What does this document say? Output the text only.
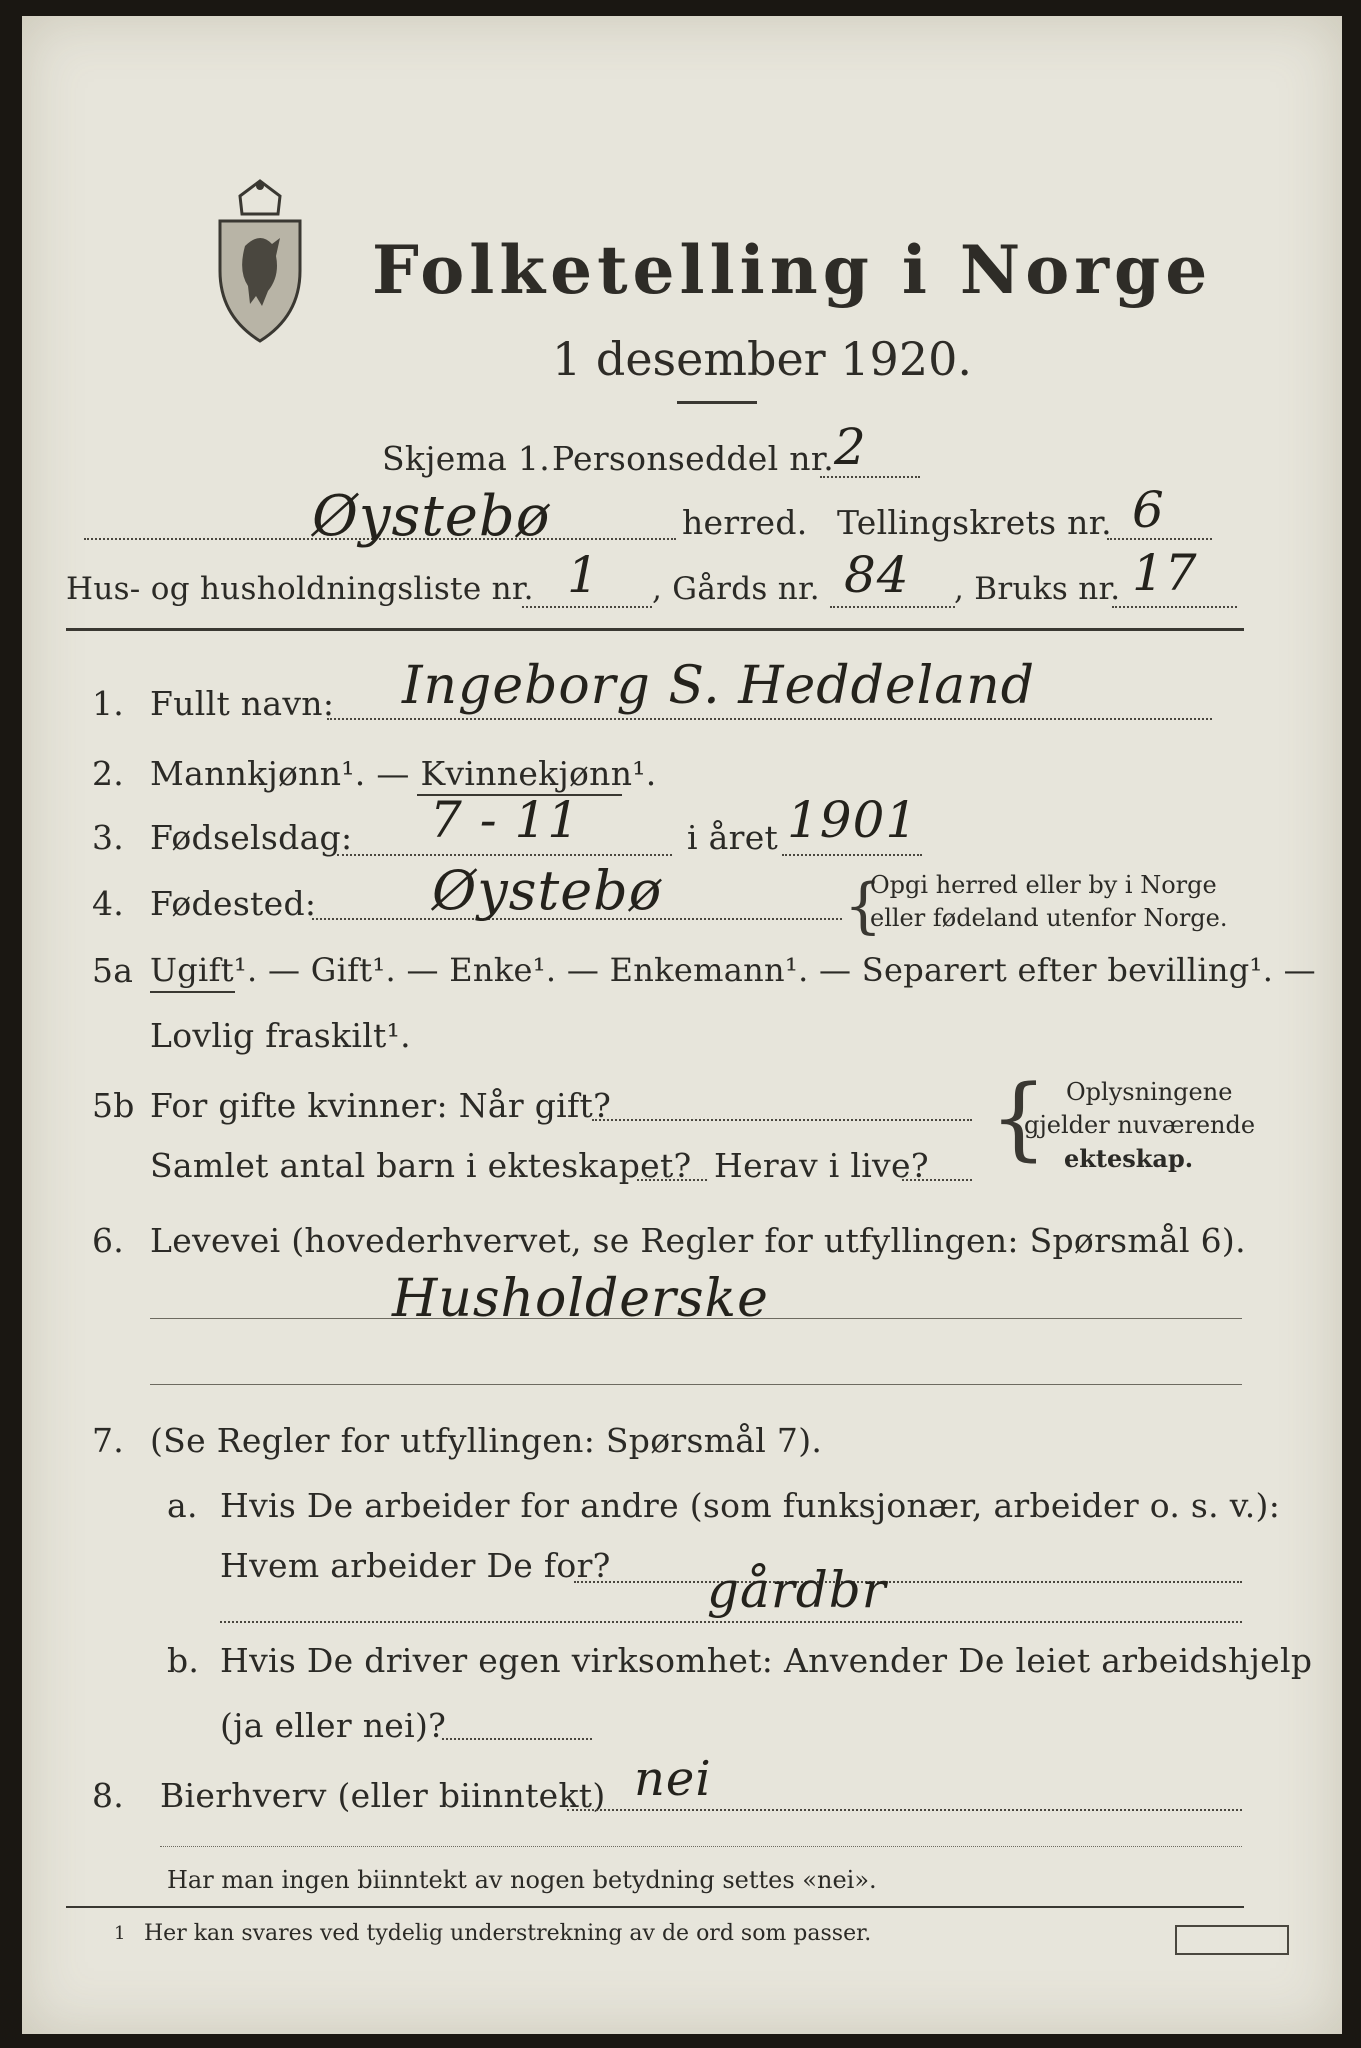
Folketelling i Norge
1 desember 1920.
Skjema 1. Personseddel nr. 2
Øystebø	herred. Tellingskrets nr. 6
Hus- og husholdningsliste nr. 1 , Gårds nr. 84 , Bruks nr. 17
1. Fullt navn: Ingeborg S. Heddeland
2. Mannkjønn¹. — Kvinnekjønn¹.
3. Fødselsdag: 7 - 11	i året 1901
4. Fødested: Øystebø	{
Opgi herred eller by i Norge
eller fødeland utenfor Norge.
5a Ugift¹. — Gift¹. — Enke¹. — Enkemann¹. — Separert efter bevilling¹. —
Lovlig fraskilt¹.
5b For gifte kvinner: Når gift?
Samlet antal barn i ekteskapet? Herav i live? { Oplysningene
gjelder nuværende
ekteskap.
6. Levevei (hovederhvervet, se Regler for utfyllingen: Spørsmål 6).
Husholderske
7. (Se Regler for utfyllingen: Spørsmål 7).
a. Hvis De arbeider for andre (som funksjonær, arbeider o. s. v.):
Hvem arbeider De for? gårdbr
b. Hvis De driver egen virksomhet: Anvender De leiet arbeidshjelp
(ja eller nei)?
8. Bierhverv (eller biinntekt) nei
Har man ingen biinntekt av nogen betydning settes «nei».
1 Her kan svares ved tydelig understrekning av de ord som passer.
